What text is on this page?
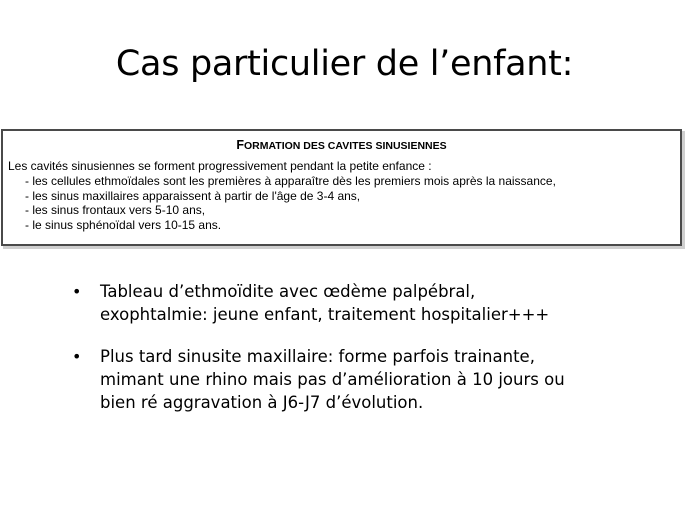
Cas particulier de l’enfant:
FORMATION DES CAVITES SINUSIENNES
Les cavités sinusiennes se forment progressivement pendant la petite enfance :
- les cellules ethmoïdales sont les premières à apparaître dès les premiers mois après la naissance,
- les sinus maxillaires apparaissent à partir de l'âge de 3-4 ans,
- les sinus frontaux vers 5-10 ans,
- le sinus sphénoïdal vers 10-15 ans.
• Tableau d’ethmoïdite avec œdème palpébral,
exophtalmie: jeune enfant, traitement hospitalier+++
• Plus tard sinusite maxillaire: forme parfois trainante,
mimant une rhino mais pas d’amélioration à 10 jours ou
bien ré aggravation à J6-J7 d’évolution.
